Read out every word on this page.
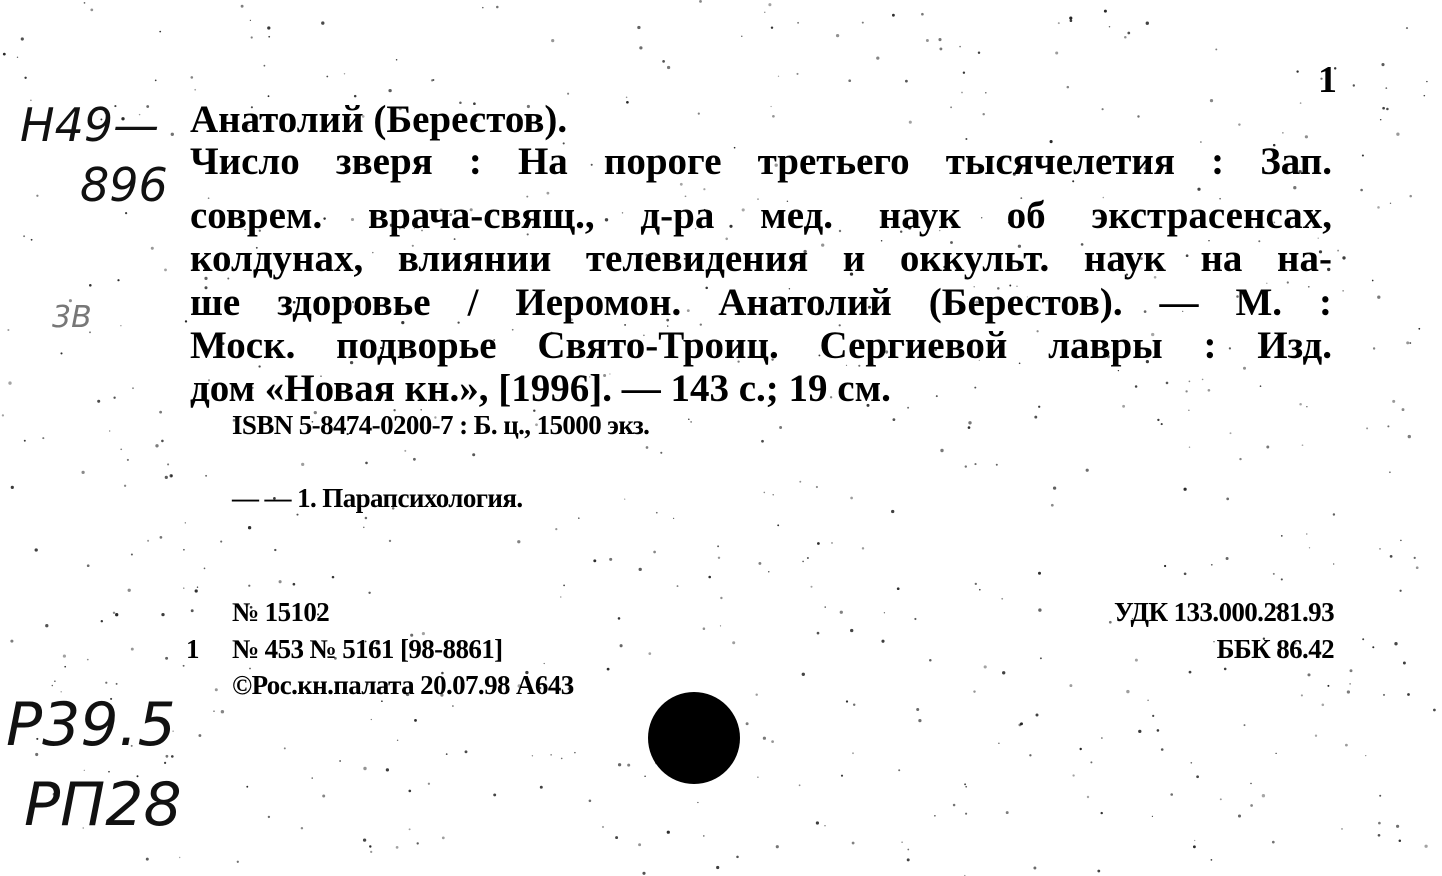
1
Анатолий (Берестов).
Число зверя : На пороге третьего тысячелетия : Зап.
соврем. врача-свящ., д-ра мед. наук об экстрасенсах,
колдунах, влиянии телевидения и оккульт. наук на на-
ше здоровье / Иеромон. Анатолий (Берестов). — М. :
Моск. подворье Свято-Троиц. Сергиевой лавры : Изд.
дом «Новая кн.», [1996]. — 143 с.; 19 см.
ISBN 5-8474-0200-7 : Б. ц., 15000 экз.
— — 1. Парапсихология.
№ 15102
1 № 453 № 5161 [98-8861]
©Рос.кн.палата 20.07.98 А643
УДК 133.000.281.93
ББК 86.42
Н49—
896
3В
Р39.5
РП28
